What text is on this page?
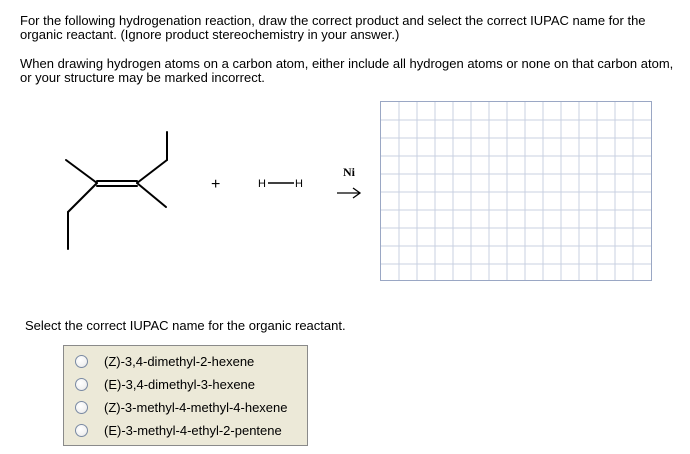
For the following hydrogenation reaction, draw the correct product and select the correct IUPAC name for the organic reactant. (Ignore product stereochemistry in your answer.)

When drawing hydrogen atoms on a carbon atom, either include all hydrogen atoms or none on that carbon atom, or your structure may be marked incorrect.

+	H	H
Ni

Select the correct IUPAC name for the organic reactant.

(Z)-3,4-dimethyl-2-hexene
(E)-3,4-dimethyl-3-hexene
(Z)-3-methyl-4-methyl-4-hexene
(E)-3-methyl-4-ethyl-2-pentene
